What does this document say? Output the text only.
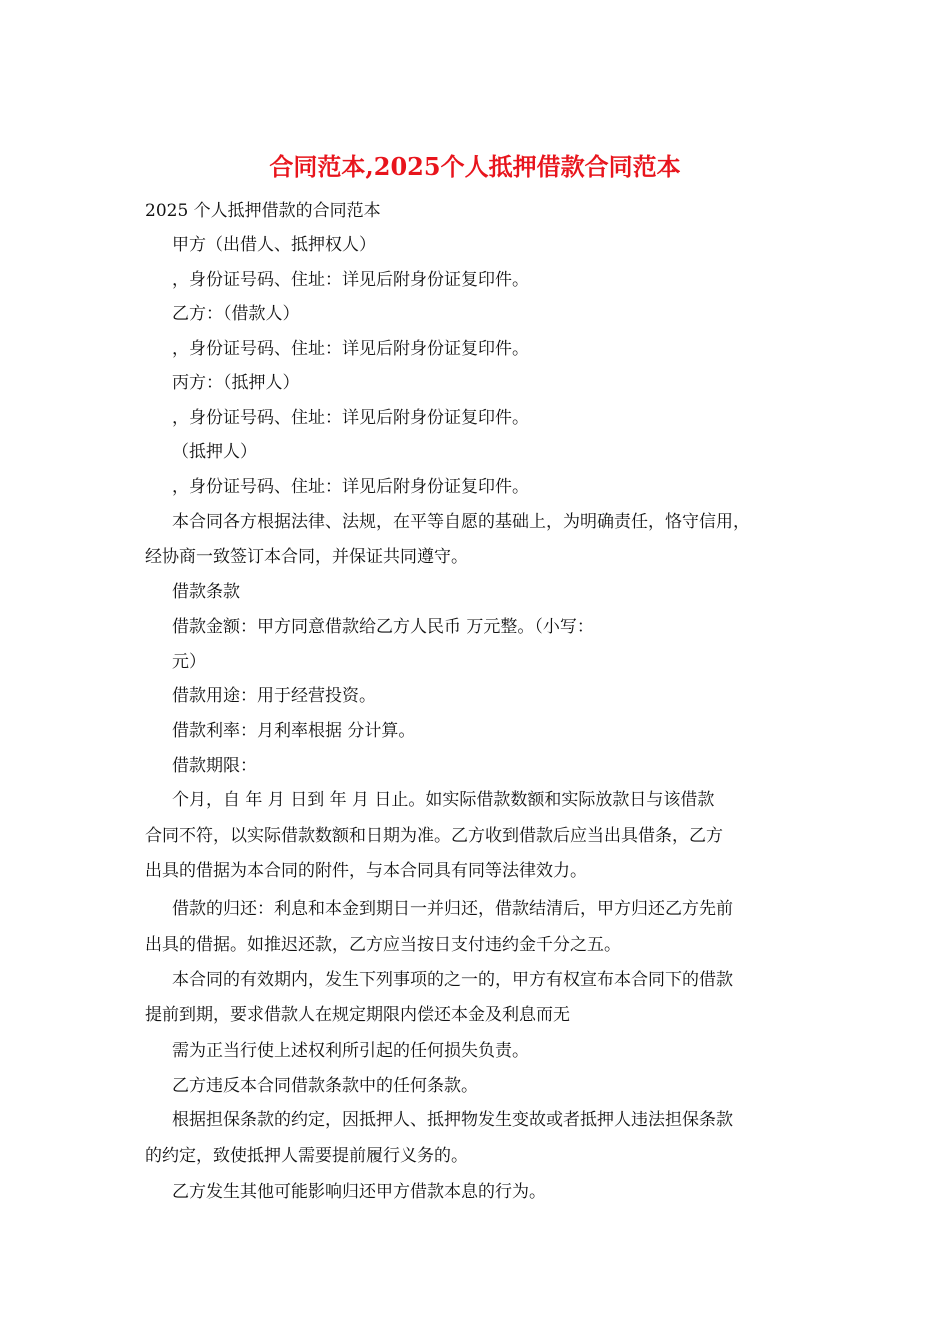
合同范本,2025个人抵押借款合同范本
2025 个人抵押借款的合同范本
甲方（出借人、抵押权人）
，身份证号码、住址：详见后附身份证复印件。
乙方：（借款人）
，身份证号码、住址：详见后附身份证复印件。
丙方：（抵押人）
，身份证号码、住址：详见后附身份证复印件。
（抵押人）
，身份证号码、住址：详见后附身份证复印件。
本合同各方根据法律、法规，在平等自愿的基础上，为明确责任，恪守信用，
经协商一致签订本合同，并保证共同遵守。
借款条款
借款金额：甲方同意借款给乙方人民币 万元整。（小写：
元）
借款用途：用于经营投资。
借款利率：月利率根据 分计算。
借款期限：
个月，自 年 月 日到 年 月 日止。如实际借款数额和实际放款日与该借款
合同不符，以实际借款数额和日期为准。乙方收到借款后应当出具借条，乙方
出具的借据为本合同的附件，与本合同具有同等法律效力。
借款的归还：利息和本金到期日一并归还，借款结清后，甲方归还乙方先前
出具的借据。如推迟还款，乙方应当按日支付违约金千分之五。
本合同的有效期内，发生下列事项的之一的，甲方有权宣布本合同下的借款
提前到期，要求借款人在规定期限内偿还本金及利息而无
需为正当行使上述权利所引起的任何损失负责。
乙方违反本合同借款条款中的任何条款。
根据担保条款的约定，因抵押人、抵押物发生变故或者抵押人违法担保条款
的约定，致使抵押人需要提前履行义务的。
乙方发生其他可能影响归还甲方借款本息的行为。
